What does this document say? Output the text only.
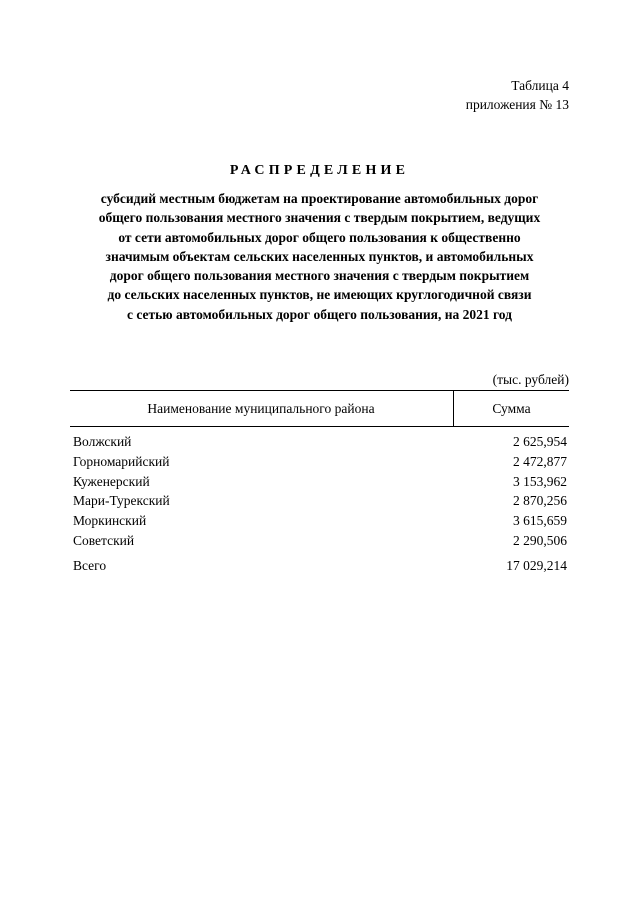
Таблица 4
приложения № 13
РАСПРЕДЕЛЕНИЕ
субсидий местным бюджетам на проектирование автомобильных дорог
общего пользования местного значения с твердым покрытием, ведущих
от сети автомобильных дорог общего пользования к общественно
значимым объектам сельских населенных пунктов, и автомобильных
дорог общего пользования местного значения с твердым покрытием
до сельских населенных пунктов, не имеющих круглогодичной связи
с сетью автомобильных дорог общего пользования, на 2021 год
(тыс. рублей)
Наименование муниципального района	Сумма
Волжский	2 625,954
Горномарийский	2 472,877
Куженерский	3 153,962
Мари-Турекский	2 870,256
Моркинский	3 615,659
Советский	2 290,506
Всего	17 029,214
